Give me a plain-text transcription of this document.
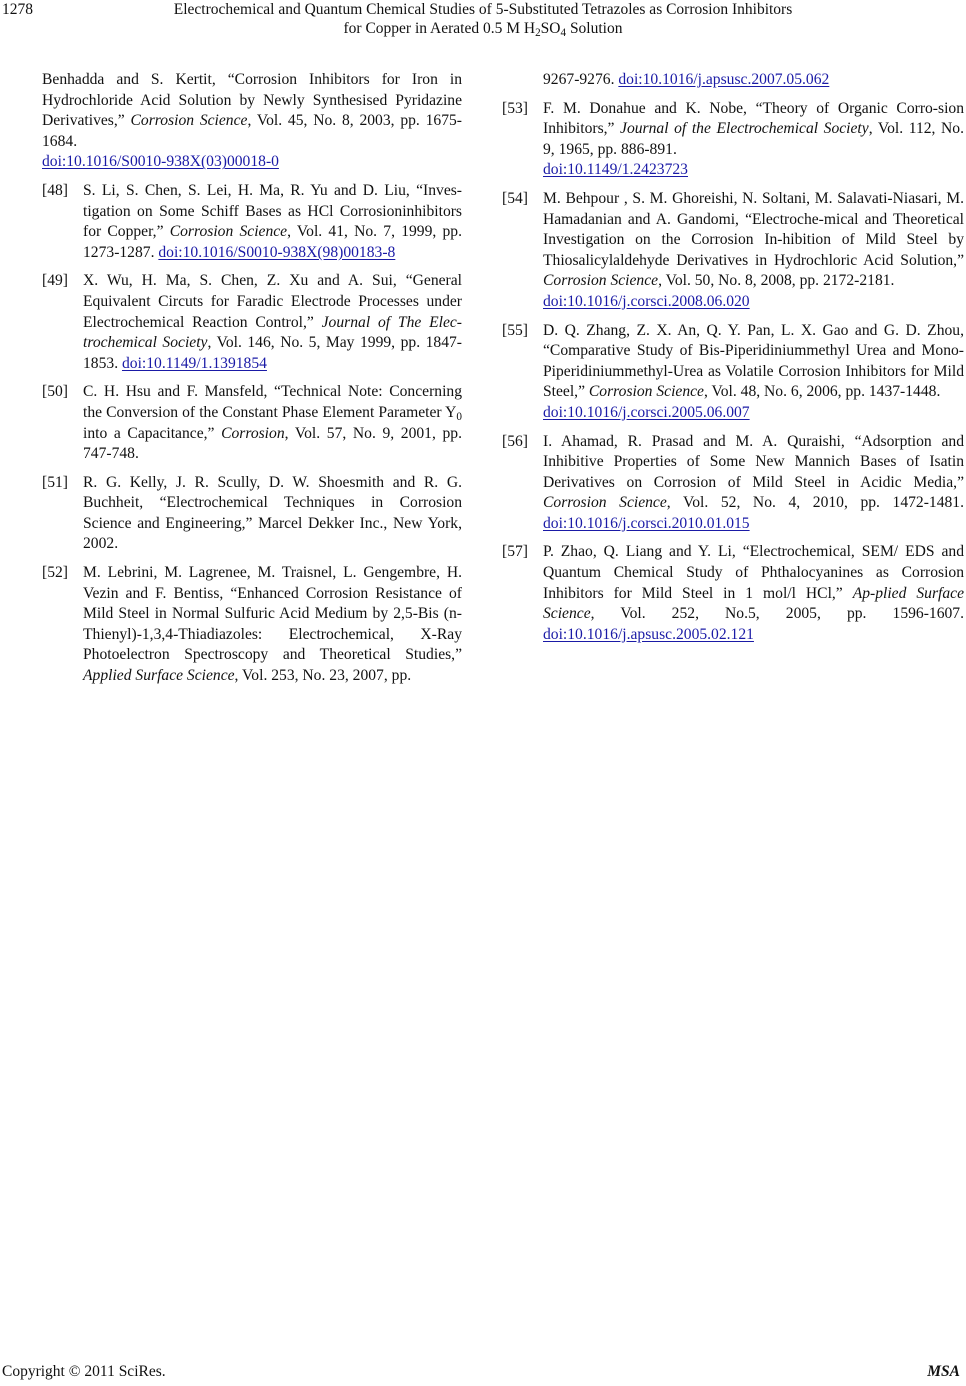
1278	Electrochemical and Quantum Chemical Studies of 5-Substituted Tetrazoles as Corrosion Inhibitors
for Copper in Aerated 0.5 M $H_2SO_4$ Solution
Benhadda and S. Kertit, “Corrosion Inhibitors for Iron in Hydrochloride Acid Solution by Newly Synthesised Pyridazine Derivatives,” Corrosion Science, Vol. 45, No. 8, 2003, pp. 1675-1684.
doi:10.1016/S0010-938X(03)00018-0
[48] S. Li, S. Chen, S. Lei, H. Ma, R. Yu and D. Liu, “Inves-tigation on Some Schiff Bases as HCl Corrosioninhibitors for Copper,” Corrosion Science, Vol. 41, No. 7, 1999, pp. 1273-1287. doi:10.1016/S0010-938X(98)00183-8
[49] X. Wu, H. Ma, S. Chen, Z. Xu and A. Sui, “General Equivalent Circuts for Faradic Electrode Processes under Electrochemical Reaction Control,” Journal of The Elec-trochemical Society, Vol. 146, No. 5, May 1999, pp. 1847-1853. doi:10.1149/1.1391854
[50] C. H. Hsu and F. Mansfeld, “Technical Note: Concerning the Conversion of the Constant Phase Element Parameter $Y_0$ into a Capacitance,” Corrosion, Vol. 57, No. 9, 2001, pp. 747-748.
[51] R. G. Kelly, J. R. Scully, D. W. Shoesmith and R. G. Buchheit, “Electrochemical Techniques in Corrosion Science and Engineering,” Marcel Dekker Inc., New York, 2002.
[52] M. Lebrini, M. Lagrenee, M. Traisnel, L. Gengembre, H. Vezin and F. Bentiss, “Enhanced Corrosion Resistance of Mild Steel in Normal Sulfuric Acid Medium by 2,5-Bis (n-Thienyl)-1,3,4-Thiadiazoles: Electrochemical, X-Ray Photoelectron Spectroscopy and Theoretical Studies,” Applied Surface Science, Vol. 253, No. 23, 2007, pp.
9267-9276. doi:10.1016/j.apsusc.2007.05.062
[53] F. M. Donahue and K. Nobe, “Theory of Organic Corro-sion Inhibitors,” Journal of the Electrochemical Society, Vol. 112, No. 9, 1965, pp. 886-891.
doi:10.1149/1.2423723
[54] M. Behpour , S. M. Ghoreishi, N. Soltani, M. Salavati-Niasari, M. Hamadanian and A. Gandomi, “Electroche-mical and Theoretical Investigation on the Corrosion In-hibition of Mild Steel by Thiosalicylaldehyde Derivatives in Hydrochloric Acid Solution,” Corrosion Science, Vol. 50, No. 8, 2008, pp. 2172-2181.
doi:10.1016/j.corsci.2008.06.020
[55] D. Q. Zhang, Z. X. An, Q. Y. Pan, L. X. Gao and G. D. Zhou, “Comparative Study of Bis-Piperidiniummethyl Urea and Mono-Piperidiniummethyl-Urea as Volatile Corrosion Inhibitors for Mild Steel,” Corrosion Science, Vol. 48, No. 6, 2006, pp. 1437-1448.
doi:10.1016/j.corsci.2005.06.007
[56] I. Ahamad, R. Prasad and M. A. Quraishi, “Adsorption and Inhibitive Properties of Some New Mannich Bases of Isatin Derivatives on Corrosion of Mild Steel in Acidic Media,” Corrosion Science, Vol. 52, No. 4, 2010, pp. 1472-1481. doi:10.1016/j.corsci.2010.01.015
[57] P. Zhao, Q. Liang and Y. Li, “Electrochemical, SEM/ EDS and Quantum Chemical Study of Phthalocyanines as Corrosion Inhibitors for Mild Steel in 1 mol/l HCl,” Ap-plied Surface Science, Vol. 252, No.5, 2005, pp. 1596-1607. doi:10.1016/j.apsusc.2005.02.121
Copyright © 2011 SciRes.	MSA
